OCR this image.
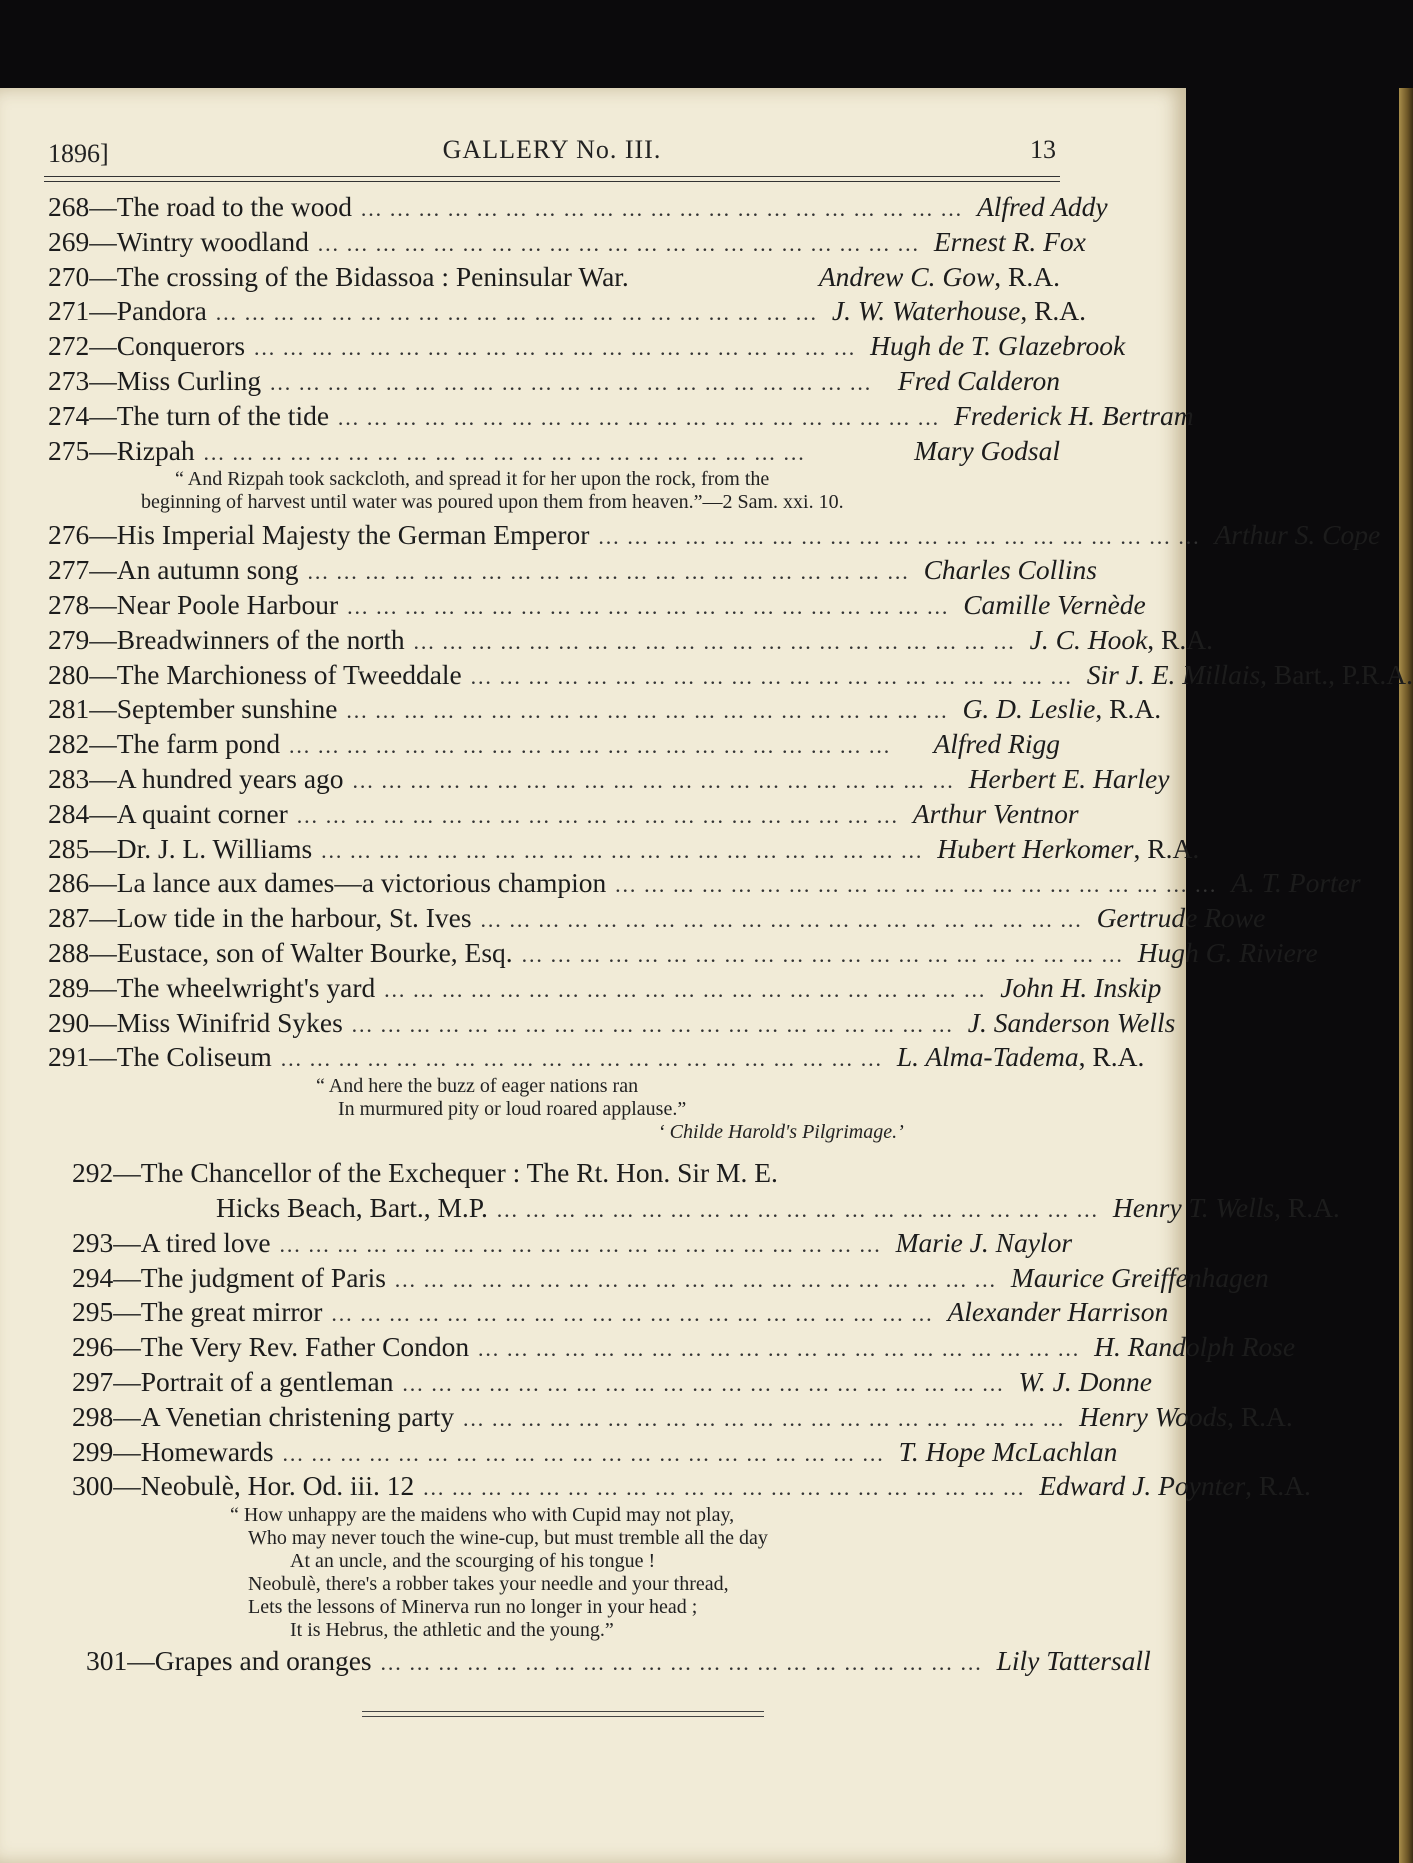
1896]	GALLERY No. III.	13
268—The road to the wood ……………………………………………………… Alfred Addy
269—Wintry woodland ……………………………………………………… Ernest R. Fox
270—The crossing of the Bidassoa : Peninsular War.	Andrew C. Gow, R.A.
271—Pandora ……………………………………………………… J. W. Waterhouse, R.A.
272—Conquerors ……………………………………………………… Hugh de T. Glazebrook
273—Miss Curling ……………………………………………………… Fred Calderon
274—The turn of the tide ……………………………………………………… Frederick H. Bertram
275—Rizpah ………………………………………………………	Mary Godsal
“ And Rizpah took sackcloth, and spread it for her upon the rock, from the
beginning of harvest until water was poured upon them from heaven.”—2 Sam. xxi. 10.
276—His Imperial Majesty the German Emperor ……………………………………………………… Arthur S. Cope
277—An autumn song ……………………………………………………… Charles Collins
278—Near Poole Harbour ……………………………………………………… Camille Vernède
279—Breadwinners of the north ……………………………………………………… J. C. Hook, R.A.
280—The Marchioness of Tweeddale ……………………………………………………… Sir J. E. Millais, Bart., P.R.A.
281—September sunshine ……………………………………………………… G. D. Leslie, R.A.
282—The farm pond ………………………………………………………	Alfred Rigg
283—A hundred years ago ……………………………………………………… Herbert E. Harley
284—A quaint corner ……………………………………………………… Arthur Ventnor
285—Dr. J. L. Williams ……………………………………………………… Hubert Herkomer, R.A.
286—La lance aux dames—a victorious champion ……………………………………………………… A. T. Porter
287—Low tide in the harbour, St. Ives ……………………………………………………… Gertrude Rowe
288—Eustace, son of Walter Bourke, Esq. ……………………………………………………… Hugh G. Riviere
289—The wheelwright's yard ……………………………………………………… John H. Inskip
290—Miss Winifrid Sykes ……………………………………………………… J. Sanderson Wells
291—The Coliseum ……………………………………………………… L. Alma-Tadema, R.A.
“ And here the buzz of eager nations ran
In murmured pity or loud roared applause.”
‘ Childe Harold's Pilgrimage.’
292—The Chancellor of the Exchequer : The Rt. Hon. Sir M. E.
Hicks Beach, Bart., M.P. ……………………………………………………… Henry T. Wells, R.A.
293—A tired love ……………………………………………………… Marie J. Naylor
294—The judgment of Paris ……………………………………………………… Maurice Greiffenhagen
295—The great mirror ……………………………………………………… Alexander Harrison
296—The Very Rev. Father Condon ……………………………………………………… H. Randolph Rose
297—Portrait of a gentleman ……………………………………………………… W. J. Donne
298—A Venetian christening party ……………………………………………………… Henry Woods, R.A.
299—Homewards ……………………………………………………… T. Hope McLachlan
300—Neobulè, Hor. Od. iii. 12 ……………………………………………………… Edward J. Poynter, R.A.
“ How unhappy are the maidens who with Cupid may not play,
Who may never touch the wine-cup, but must tremble all the day
At an uncle, and the scourging of his tongue !
Neobulè, there's a robber takes your needle and your thread,
Lets the lessons of Minerva run no longer in your head ;
It is Hebrus, the athletic and the young.”
301—Grapes and oranges ……………………………………………………… Lily Tattersall
